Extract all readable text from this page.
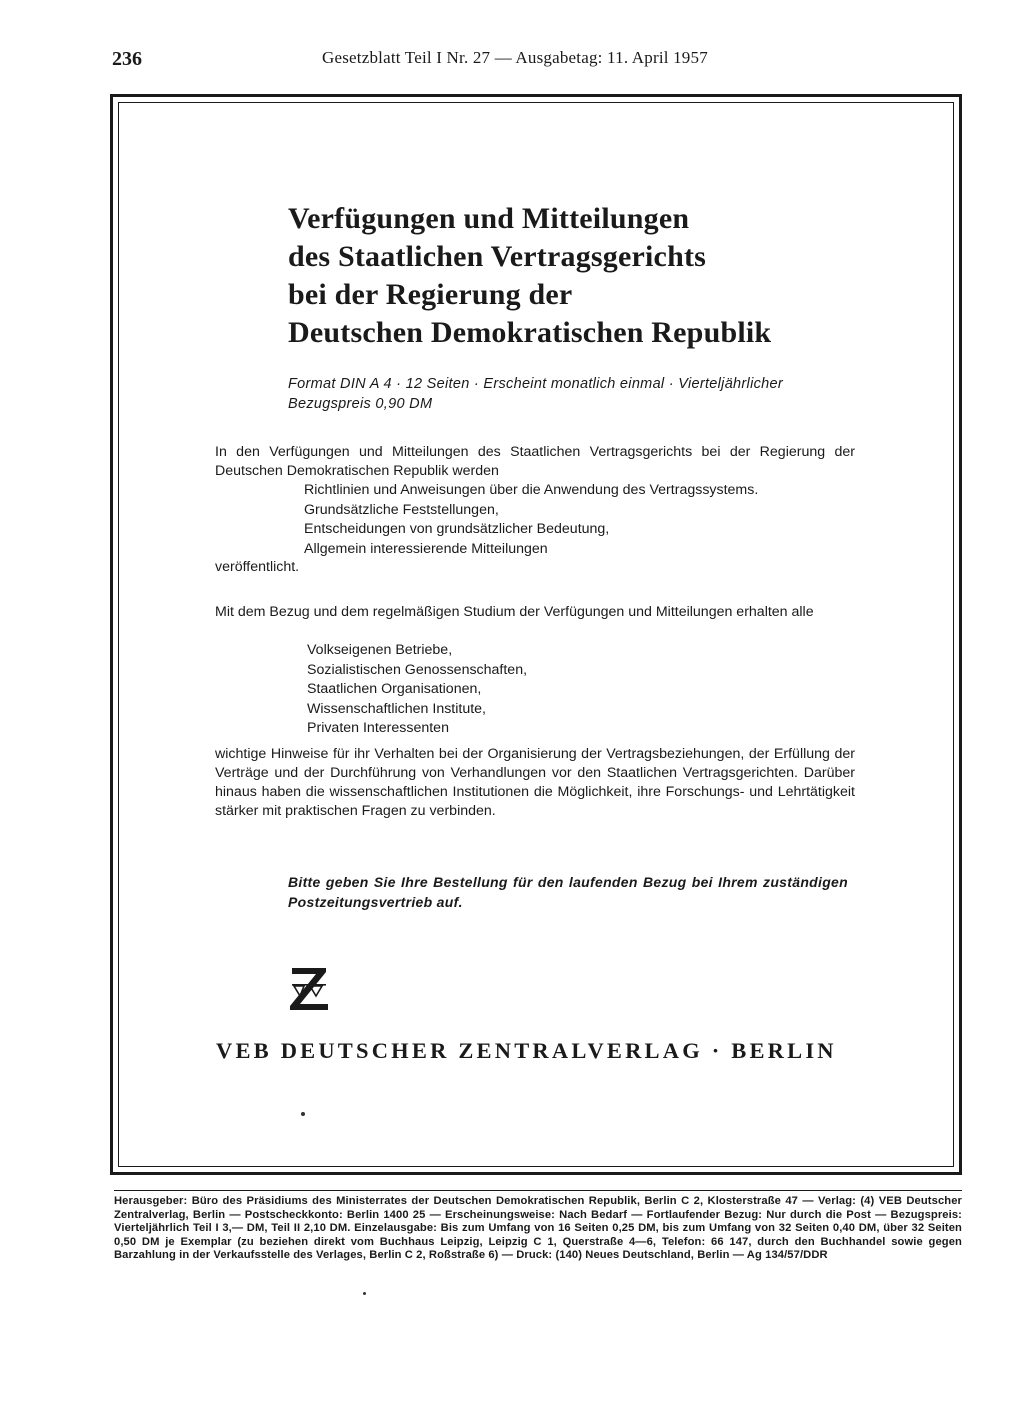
236	Gesetzblatt Teil I Nr. 27 — Ausgabetag: 11. April 1957
Verfügungen und Mitteilungen
des Staatlichen Vertragsgerichts
bei der Regierung der
Deutschen Demokratischen Republik
Format DIN A 4 · 12 Seiten · Erscheint monatlich einmal · Vierteljährlicher Bezugspreis 0,90 DM
In den Verfügungen und Mitteilungen des Staatlichen Vertragsgerichts bei der Regierung der Deutschen Demokratischen Republik werden
Richtlinien und Anweisungen über die Anwendung des Vertragssystems.
Grundsätzliche Feststellungen,
Entscheidungen von grundsätzlicher Bedeutung,
Allgemein interessierende Mitteilungen
veröffentlicht.
Mit dem Bezug und dem regelmäßigen Studium der Verfügungen und Mitteilungen erhalten alle
Volkseigenen Betriebe,
Sozialistischen Genossenschaften,
Staatlichen Organisationen,
Wissenschaftlichen Institute,
Privaten Interessenten
wichtige Hinweise für ihr Verhalten bei der Organisierung der Vertragsbeziehungen, der Erfüllung der Verträge und der Durchführung von Verhandlungen vor den Staatlichen Vertragsgerichten. Darüber hinaus haben die wissenschaftlichen Institutionen die Möglichkeit, ihre Forschungs- und Lehrtätigkeit stärker mit praktischen Fragen zu verbinden.
Bitte geben Sie Ihre Bestellung für den laufenden Bezug bei Ihrem zuständigen Postzeitungsvertrieb auf.
VEB DEUTSCHER ZENTRALVERLAG · BERLIN
Herausgeber: Büro des Präsidiums des Ministerrates der Deutschen Demokratischen Republik, Berlin C 2, Klosterstraße 47 — Verlag: (4) VEB Deutscher Zentralverlag, Berlin — Postscheckkonto: Berlin 1400 25 — Erscheinungsweise: Nach Bedarf — Fortlaufender Bezug: Nur durch die Post — Bezugspreis: Vierteljährlich Teil I 3,— DM, Teil II 2,10 DM. Einzelausgabe: Bis zum Umfang von 16 Seiten 0,25 DM, bis zum Umfang von 32 Seiten 0,40 DM, über 32 Seiten 0,50 DM je Exemplar (zu beziehen direkt vom Buchhaus Leipzig, Leipzig C 1, Querstraße 4—6, Telefon: 66 147, durch den Buchhandel sowie gegen Barzahlung in der Verkaufsstelle des Verlages, Berlin C 2, Roßstraße 6) — Druck: (140) Neues Deutschland, Berlin — Ag 134/57/DDR
